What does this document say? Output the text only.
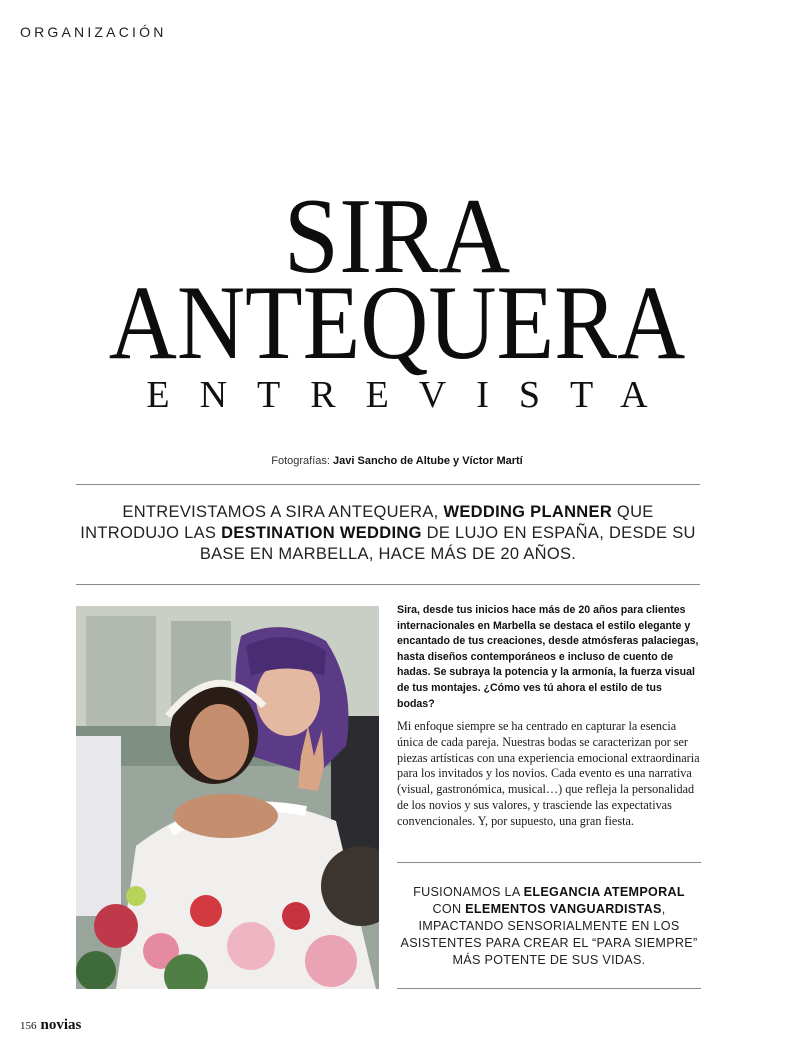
ORGANIZACIÓN
SIRA
ANTEQUERA
ENTREVISTA
Fotografías: Javi Sancho de Altube y Víctor Martí
ENTREVISTAMOS A SIRA ANTEQUERA, WEDDING PLANNER QUE INTRODUJO LAS DESTINATION WEDDING DE LUJO EN ESPAÑA, DESDE SU BASE EN MARBELLA, HACE MÁS DE 20 AÑOS.
Sira, desde tus inicios hace más de 20 años para clientes internacionales en Marbella se destaca el estilo elegante y encantado de tus creaciones, desde atmósferas palaciegas, hasta diseños contemporáneos e incluso de cuento de hadas. Se subraya la potencia y la armonía, la fuerza visual de tus montajes. ¿Cómo ves tú ahora el estilo de tus bodas?
Mi enfoque siempre se ha centrado en capturar la esencia única de cada pareja. Nuestras bodas se caracterizan por ser piezas artísticas con una experiencia emocional extraordinaria para los invitados y los novios. Cada evento es una narrativa (visual, gastronómica, musical…) que refleja la personalidad de los novios y sus valores, y trasciende las expectativas convencionales. Y, por supuesto, una gran fiesta.
FUSIONAMOS LA ELEGANCIA ATEMPORAL CON ELEMENTOS VANGUARDISTAS, IMPACTANDO SENSORIALMENTE EN LOS ASISTENTES PARA CREAR EL “PARA SIEMPRE” MÁS POTENTE DE SUS VIDAS.
156 novias
